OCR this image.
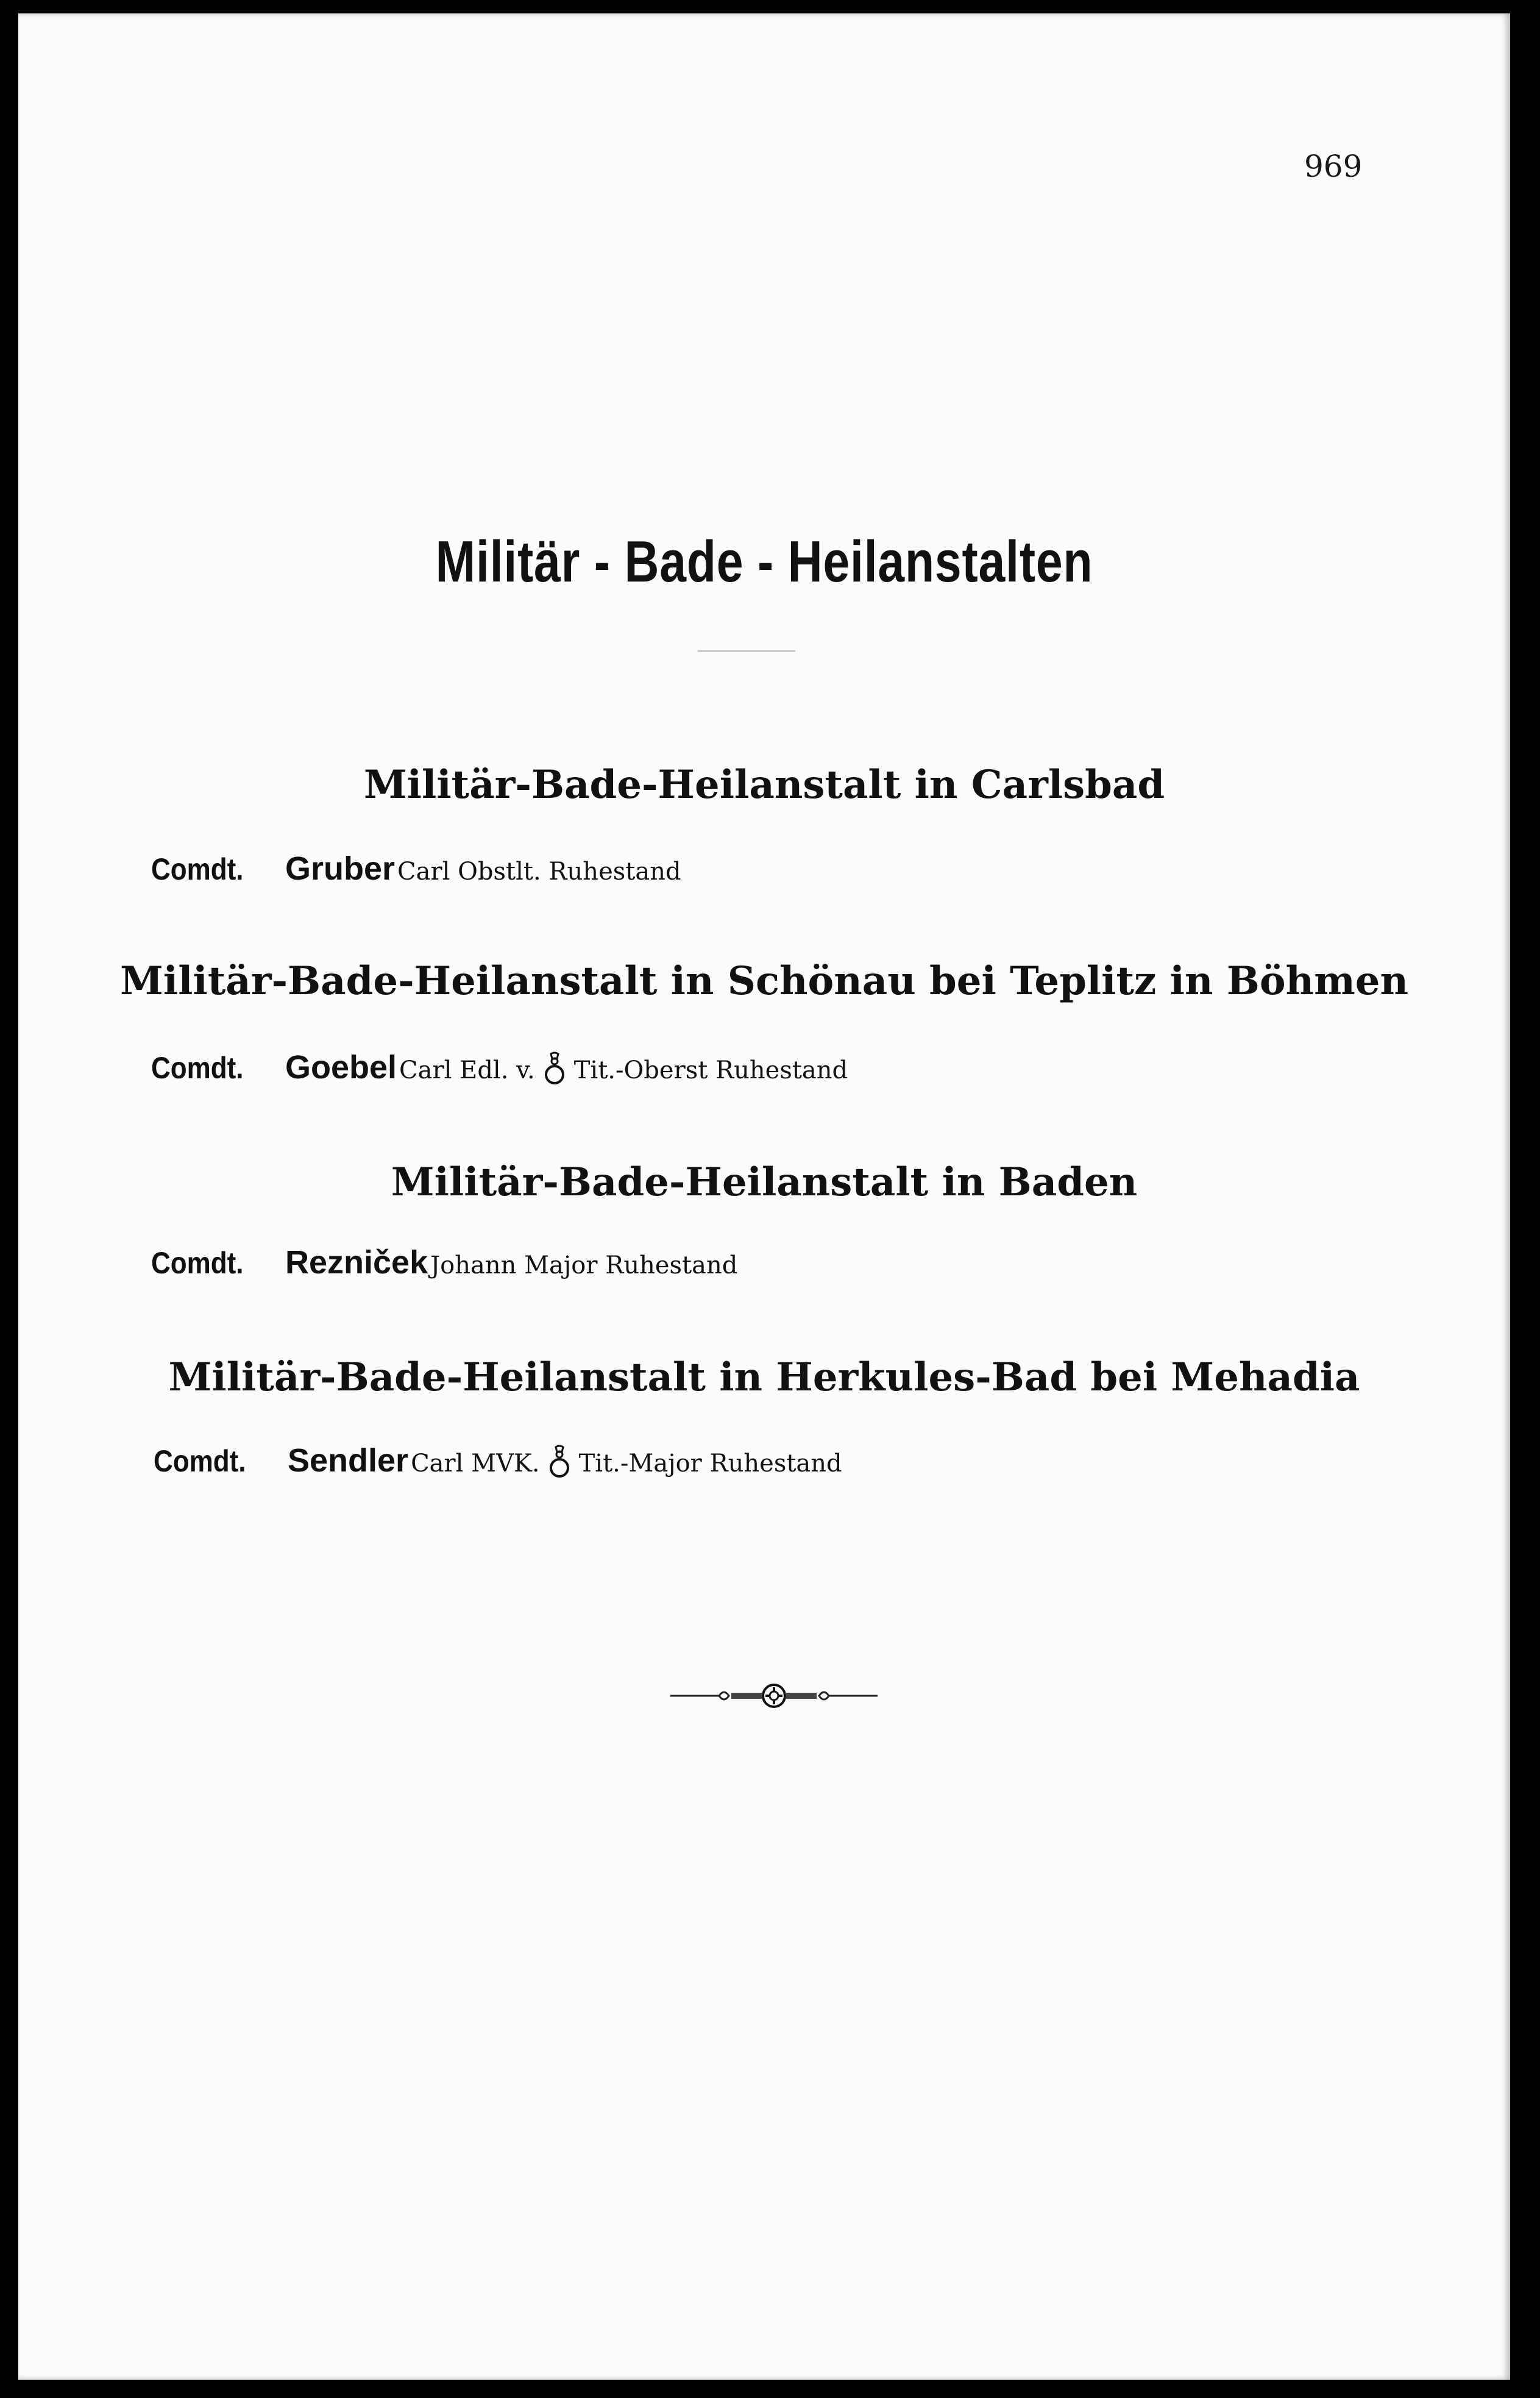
969
Militär - Bade - Heilanstalten
Militär-Bade-Heilanstalt in Carlsbad
Comdt. Gruber Carl Obstlt. Ruhestand
Militär-Bade-Heilanstalt in Schönau bei Teplitz in Böhmen
Comdt. Goebel Carl Edl. v. Tit.-Oberst Ruhestand
Militär-Bade-Heilanstalt in Baden
Comdt. Rezniček Johann Major Ruhestand
Militär-Bade-Heilanstalt in Herkules-Bad bei Mehadia
Comdt. Sendler Carl MVK. Tit.-Major Ruhestand
